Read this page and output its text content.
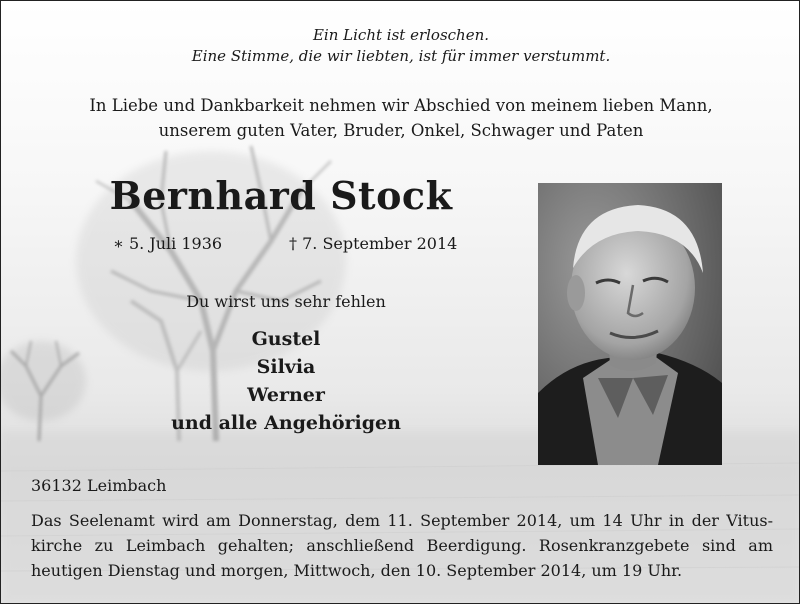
Ein Licht ist erloschen.
Eine Stimme, die wir liebten, ist für immer verstummt.
In Liebe und Dankbarkeit nehmen wir Abschied von meinem lieben Mann,
unserem guten Vater, Bruder, Onkel, Schwager und Paten
Bernhard Stock
∗ 5. Juli 1936	† 7. September 2014
Du wirst uns sehr fehlen
Gustel
Silvia
Werner
und alle Angehörigen
36132 Leimbach
Das Seelenamt wird am Donnerstag, dem 11. September 2014, um 14 Uhr in der Vituskirche zu Leimbach gehalten; anschließend Beerdigung. Rosenkranzgebete sind am heutigen Dienstag und morgen, Mittwoch, den 10. September 2014, um 19 Uhr.
